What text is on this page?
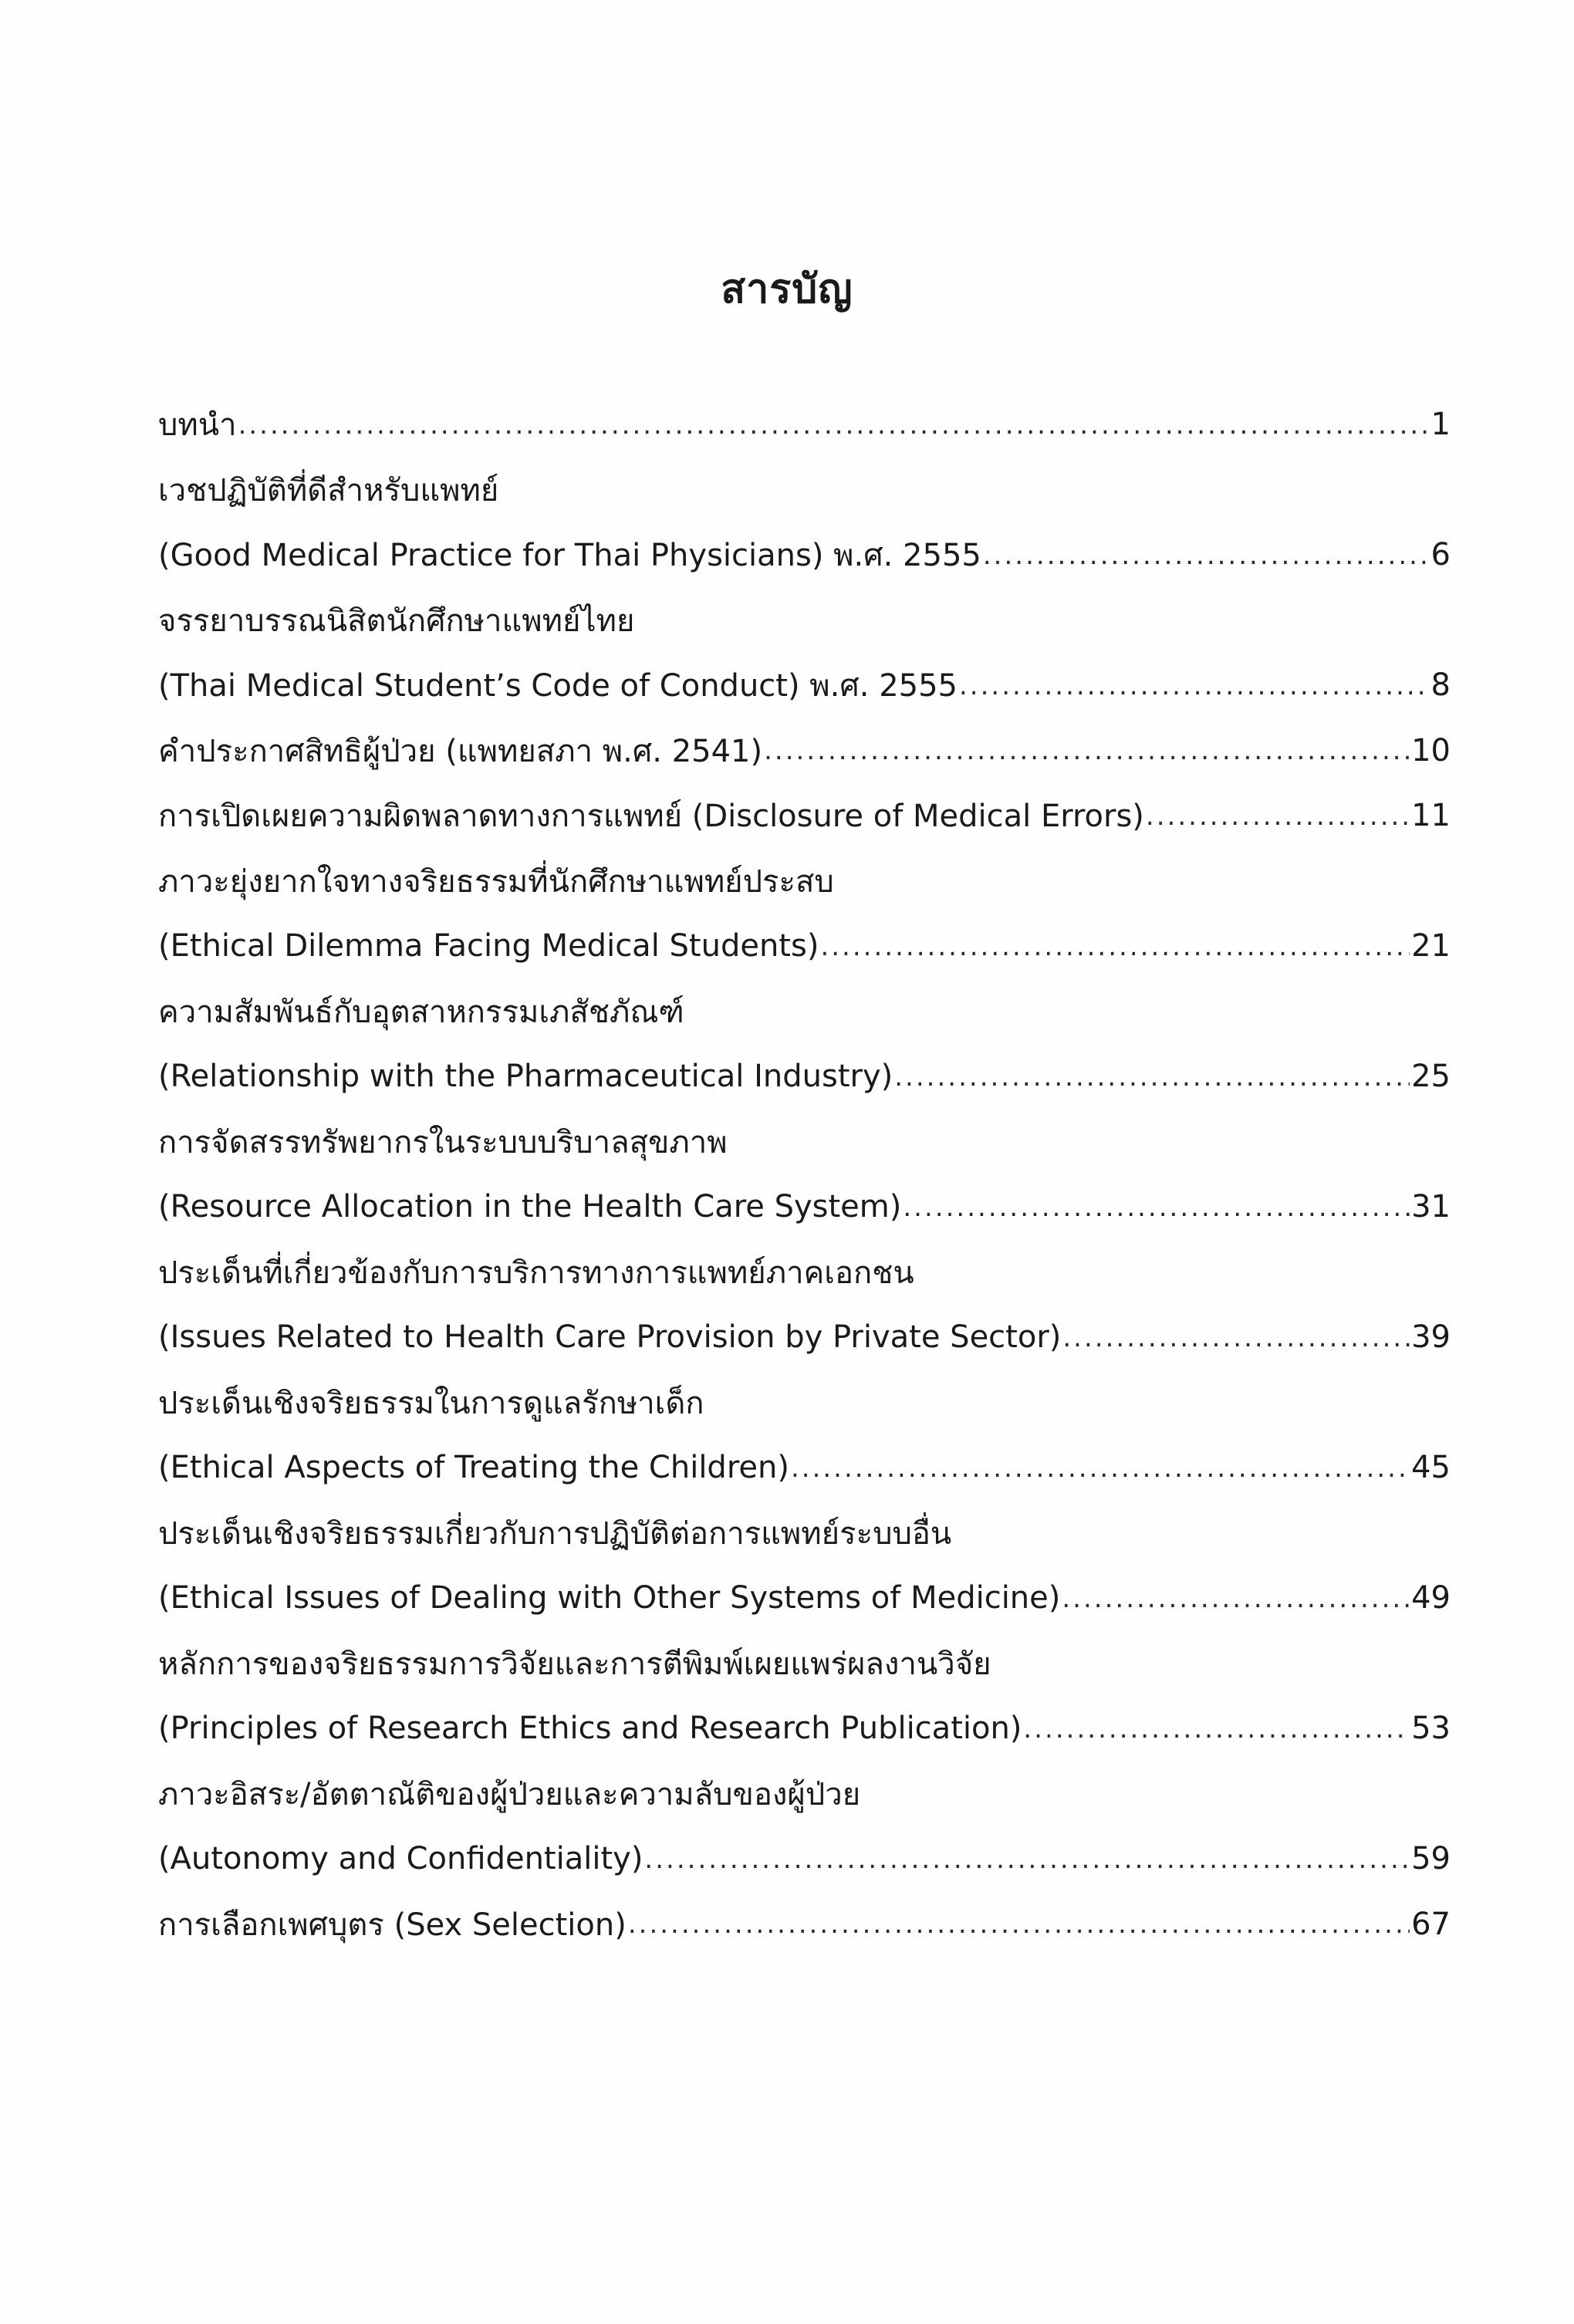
สารบัญ
บทนำ .....	1
เวชปฏิบัติที่ดีสำหรับแพทย์
(Good Medical Practice for Thai Physicians) พ.ศ. 2555 .....	6
จรรยาบรรณนิสิตนักศึกษาแพทย์ไทย
(Thai Medical Student’s Code of Conduct) พ.ศ. 2555 .....	8
คำประกาศสิทธิผู้ป่วย (แพทยสภา พ.ศ. 2541) .....	10
การเปิดเผยความผิดพลาดทางการแพทย์ (Disclosure of Medical Errors) .....	11
ภาวะยุ่งยากใจทางจริยธรรมที่นักศึกษาแพทย์ประสบ
(Ethical Dilemma Facing Medical Students) .....	21
ความสัมพันธ์กับอุตสาหกรรมเภสัชภัณฑ์
(Relationship with the Pharmaceutical Industry) .....	25
การจัดสรรทรัพยากรในระบบบริบาลสุขภาพ
(Resource Allocation in the Health Care System) .....	31
ประเด็นที่เกี่ยวข้องกับการบริการทางการแพทย์ภาคเอกชน
(Issues Related to Health Care Provision by Private Sector) .....	39
ประเด็นเชิงจริยธรรมในการดูแลรักษาเด็ก
(Ethical Aspects of Treating the Children) .....	45
ประเด็นเชิงจริยธรรมเกี่ยวกับการปฏิบัติต่อการแพทย์ระบบอื่น
(Ethical Issues of Dealing with Other Systems of Medicine) .....	49
หลักการของจริยธรรมการวิจัยและการตีพิมพ์เผยแพร่ผลงานวิจัย
(Principles of Research Ethics and Research Publication) .....	53
ภาวะอิสระ/อัตตาณัติของผู้ป่วยและความลับของผู้ป่วย
(Autonomy and Confidentiality) .....	59
การเลือกเพศบุตร (Sex Selection) .....	67
